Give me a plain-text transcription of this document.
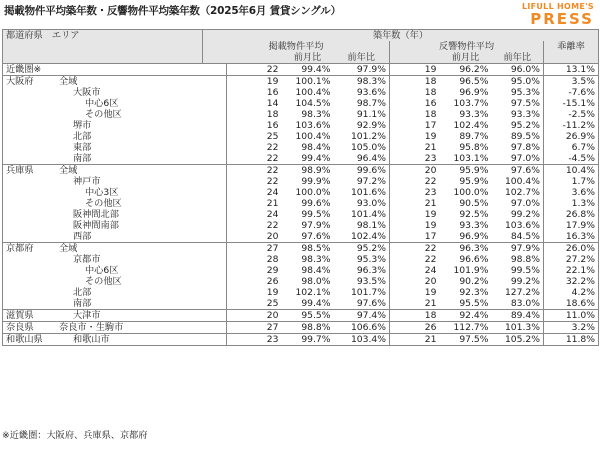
掲載物件平均築年数・反響物件平均築年数（2025年6月 賃貸シングル）	LIFULL HOME'S
PRESS
都道府県　エリア	築年数（年）							
	掲載物件平均				反響物件平均			乖離率
			前月比	前年比		前月比	前年比	
近畿圏※		22	99.4%	97.9%	19	96.2%	96.0%	13.1%
大阪府 全域		19	100.1%	98.3%	18	96.5%	95.0%	3.5%

大阪市		16	100.4%	93.6%	18	96.9%	95.3%	-7.6%

中心6区		14	104.5%	98.7%	16	103.7%	97.5%	-15.1%

その他区		18	98.3%	91.1%	18	93.3%	93.3%	-2.5%

堺市		16	103.6%	92.9%	17	102.4%	95.2%	-11.2%

北部		25	100.4%	101.2%	19	89.7%	89.5%	26.9%

東部		22	98.4%	105.0%	21	95.8%	97.8%	6.7%

南部		22	99.4%	96.4%	23	103.1%	97.0%	-4.5%
兵庫県 全域		22	98.9%	99.6%	20	95.9%	97.6%	10.4%

神戸市		22	99.9%	97.2%	22	95.9%	100.4%	1.7%

中心3区		24	100.0%	101.6%	23	100.0%	102.7%	3.6%

その他区		21	99.6%	93.0%	21	90.5%	97.0%	1.3%

阪神間北部		24	99.5%	101.4%	19	92.5%	99.2%	26.8%

阪神間南部		22	97.9%	98.1%	19	93.3%	103.6%	17.9%

西部		20	97.6%	102.4%	17	96.9%	84.5%	16.3%
京都府 全域		27	98.5%	95.2%	22	96.3%	97.9%	26.0%

京都市		28	98.3%	95.3%	22	96.6%	98.8%	27.2%

中心6区		29	98.4%	96.3%	24	101.9%	99.5%	22.1%

その他区		26	98.0%	93.5%	20	90.2%	99.2%	32.2%

北部		19	102.1%	101.7%	19	92.3%	127.2%	4.2%

南部		25	99.4%	97.6%	21	95.5%	83.0%	18.6%
滋賀県 大津市		20	95.5%	97.4%	18	92.4%	89.4%	11.0%
奈良県 奈良市・生駒市		27	98.8%	106.6%	26	112.7%	101.3%	3.2%
和歌山県 和歌山市		23	99.7%	103.4%	21	97.5%	105.2%	11.8%
※近畿圏：大阪府、兵庫県、京都府
